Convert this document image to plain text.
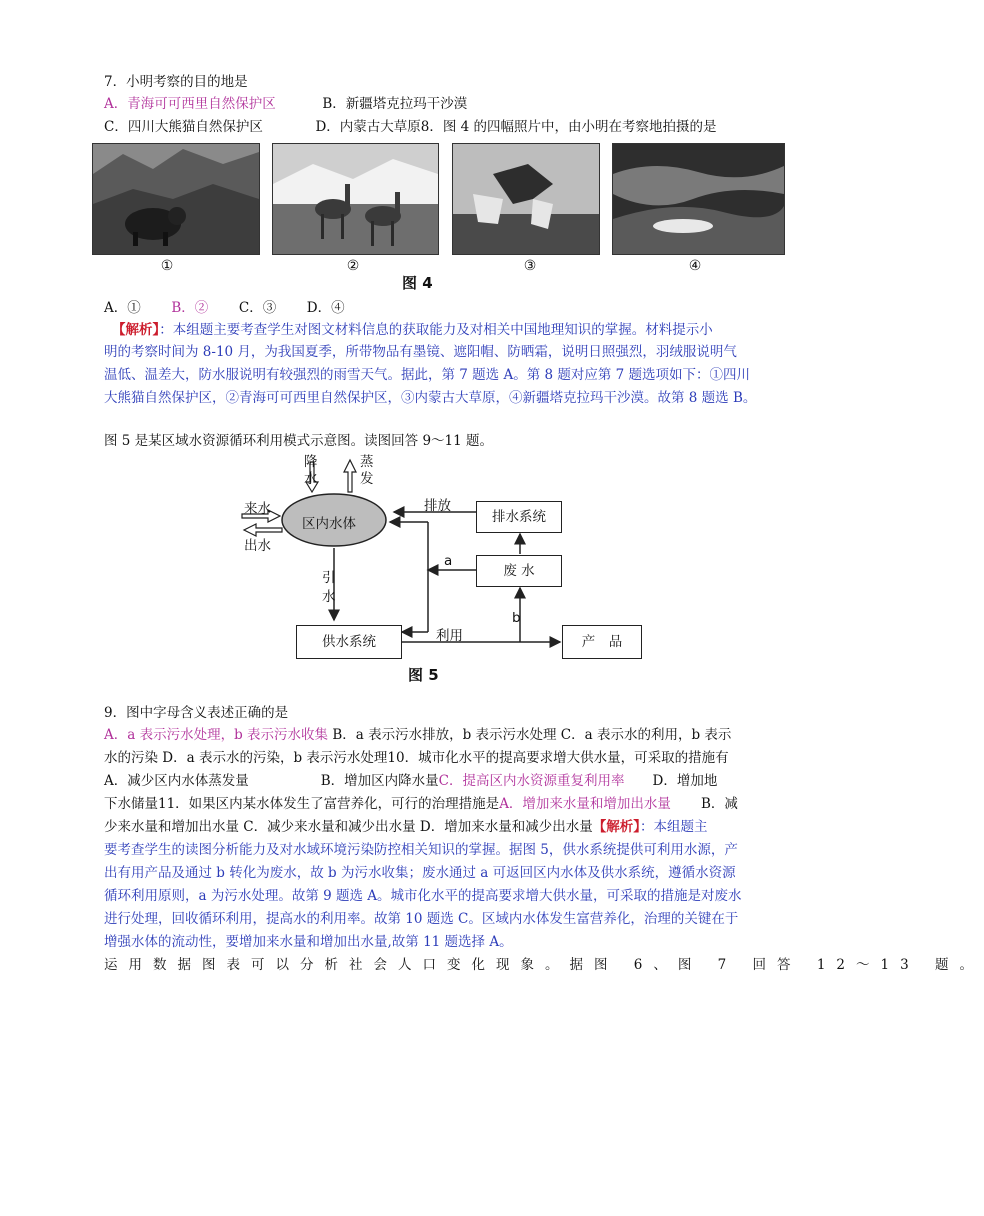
7．小明考察的目的地是
A．青海可可西里自然保护区	B．新疆塔克拉玛干沙漠
C．四川大熊猫自然保护区	D．内蒙古大草原8．图 4 的四幅照片中，由小明在考察地拍摄的是
①	②	③	④
图 4
A．① B．② C．③ D．④
【解析】：本组题主要考查学生对图文材料信息的获取能力及对相关中国地理知识的掌握。材料提示小
明的考察时间为 8-10 月，为我国夏季，所带物品有墨镜、遮阳帽、防晒霜，说明日照强烈，羽绒服说明气
温低、温差大，防水服说明有较强烈的雨雪天气。据此，第 7 题选 A。第 8 题对应第 7 题选项如下：①四川
大熊猫自然保护区，②青海可可西里自然保护区，③内蒙古大草原，④新疆塔克拉玛干沙漠。故第 8 题选 B。
图 5 是某区域水资源循环利用模式示意图。读图回答 9～11 题。
降水
蒸发
来水
出水
区内水体
排放
排水系统
a
废 水
b
引水
供水系统	利用	产　品
图 5
9．图中字母含义表述正确的是
A．a 表示污水处理，b 表示污水收集 B．a 表示污水排放，b 表示污水处理 C．a 表示水的利用，b 表示
水的污染 D．a 表示水的污染，b 表示污水处理10．城市化水平的提高要求增大供水量，可采取的措施有
A．减少区内水体蒸发量	B．增加区内降水量C．提高区内水资源重复利用率 D．增加地
下水储量11．如果区内某水体发生了富营养化，可行的治理措施是A．增加来水量和增加出水量 B．减
少来水量和增加出水量 C．减少来水量和减少出水量 D．增加来水量和减少出水量【解析】：本组题主
要考查学生的读图分析能力及对水域环境污染防控相关知识的掌握。据图 5，供水系统提供可利用水源，产
出有用产品及通过 b 转化为废水，故 b 为污水收集；废水通过 a 可返回区内水体及供水系统，遵循水资源
循环利用原则，a 为污水处理。故第 9 题选 A。城市化水平的提高要求增大供水量，可采取的措施是对废水
进行处理，回收循环利用，提高水的利用率。故第 10 题选 C。区域内水体发生富营养化，治理的关键在于
增强水体的流动性，要增加来水量和增加出水量,故第 11 题选择 A。
运用数据图表可以分析社会人口变化现象。据图 6、图 7 回答 12～13 题。
